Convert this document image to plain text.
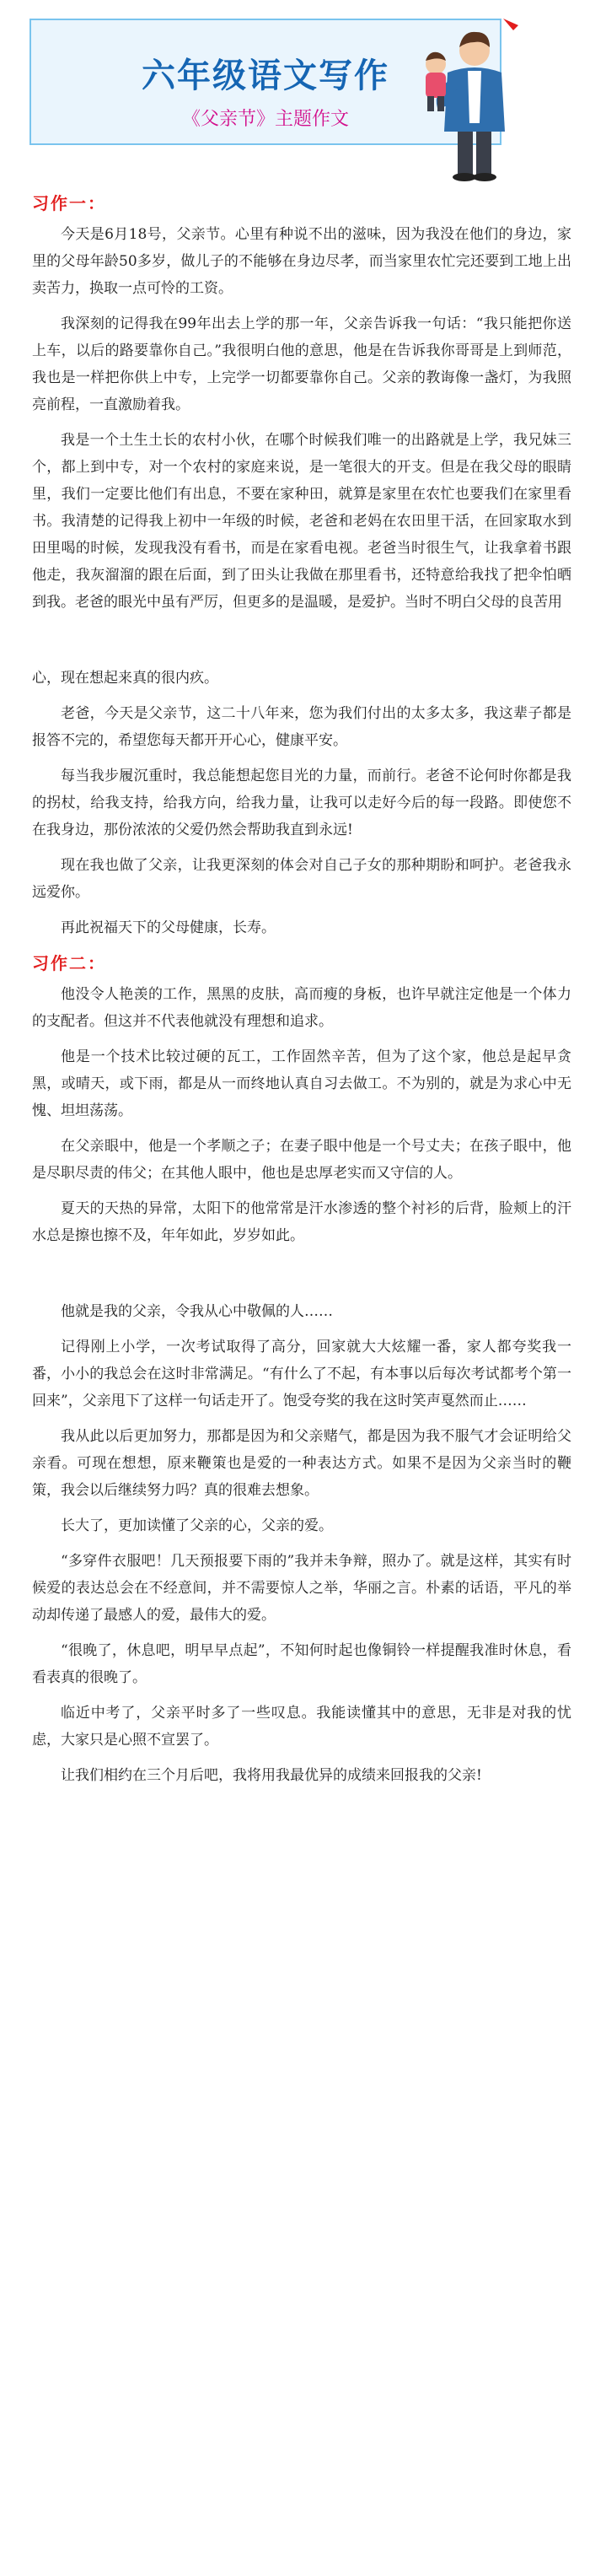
六年级语文写作
《父亲节》主题作文
习作一：

今天是6月18号，父亲节。心里有种说不出的滋味，因为我没在他们的身边，家里的父母年龄50多岁，做儿子的不能够在身边尽孝，而当家里农忙完还要到工地上出卖苦力，换取一点可怜的工资。

我深刻的记得我在99年出去上学的那一年，父亲告诉我一句话：“我只能把你送上车，以后的路要靠你自己。”我很明白他的意思，他是在告诉我你哥哥是上到师范，我也是一样把你供上中专，上完学一切都要靠你自己。父亲的教诲像一盏灯，为我照亮前程，一直激励着我。

我是一个土生土长的农村小伙，在哪个时候我们唯一的出路就是上学，我兄妹三个，都上到中专，对一个农村的家庭来说，是一笔很大的开支。但是在我父母的眼睛里，我们一定要比他们有出息，不要在家种田，就算是家里在农忙也要我们在家里看书。我清楚的记得我上初中一年级的时候，老爸和老妈在农田里干活，在回家取水到田里喝的时候，发现我没有看书，而是在家看电视。老爸当时很生气，让我拿着书跟他走，我灰溜溜的跟在后面，到了田头让我做在那里看书，还特意给我找了把伞怕晒到我。老爸的眼光中虽有严厉，但更多的是温暖，是爱护。当时不明白父母的良苦用

心，现在想起来真的很内疚。

老爸，今天是父亲节，这二十八年来，您为我们付出的太多太多，我这辈子都是报答不完的，希望您每天都开开心心，健康平安。

每当我步履沉重时，我总能想起您目光的力量，而前行。老爸不论何时你都是我的拐杖，给我支持，给我方向，给我力量，让我可以走好今后的每一段路。即使您不在我身边，那份浓浓的父爱仍然会帮助我直到永远!

现在我也做了父亲，让我更深刻的体会对自己子女的那种期盼和呵护。老爸我永远爱你。

再此祝福天下的父母健康，长寿。

习作二：

他没令人艳羡的工作，黑黑的皮肤，高而瘦的身板，也许早就注定他是一个体力的支配者。但这并不代表他就没有理想和追求。

他是一个技术比较过硬的瓦工，工作固然辛苦，但为了这个家，他总是起早贪黑，或晴天，或下雨，都是从一而终地认真自习去做工。不为别的，就是为求心中无愧、坦坦荡荡。

在父亲眼中，他是一个孝顺之子；在妻子眼中他是一个号丈夫；在孩子眼中，他是尽职尽责的伟父；在其他人眼中，他也是忠厚老实而又守信的人。

夏天的天热的异常，太阳下的他常常是汗水渗透的整个衬衫的后背，脸颊上的汗水总是擦也擦不及，年年如此，岁岁如此。

他就是我的父亲，令我从心中敬佩的人……

记得刚上小学，一次考试取得了高分，回家就大大炫耀一番，家人都夸奖我一番，小小的我总会在这时非常满足。“有什么了不起，有本事以后每次考试都考个第一回来”，父亲甩下了这样一句话走开了。饱受夸奖的我在这时笑声戛然而止……

我从此以后更加努力，那都是因为和父亲赌气，都是因为我不服气才会证明给父亲看。可现在想想，原来鞭策也是爱的一种表达方式。如果不是因为父亲当时的鞭策，我会以后继续努力吗？真的很难去想象。

长大了，更加读懂了父亲的心，父亲的爱。

“多穿件衣服吧！几天预报要下雨的”我并未争辩，照办了。就是这样，其实有时候爱的表达总会在不经意间，并不需要惊人之举，华丽之言。朴素的话语，平凡的举动却传递了最感人的爱，最伟大的爱。

“很晚了，休息吧，明早早点起”，不知何时起也像铜铃一样提醒我准时休息，看看表真的很晚了。

临近中考了，父亲平时多了一些叹息。我能读懂其中的意思，无非是对我的忧虑，大家只是心照不宣罢了。

让我们相约在三个月后吧，我将用我最优异的成绩来回报我的父亲!
